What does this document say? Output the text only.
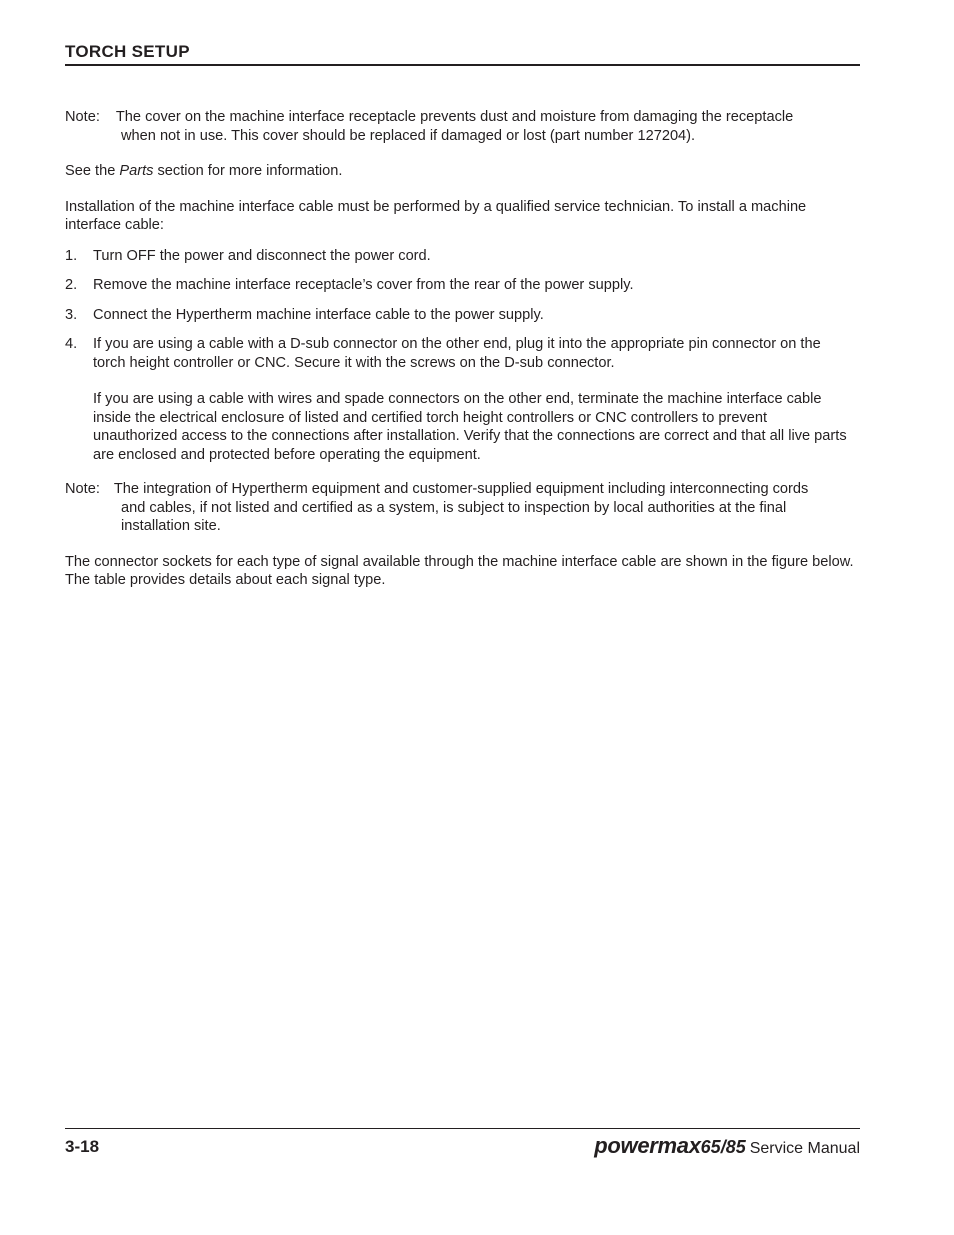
TORCH SETUP
Note:	The cover on the machine interface receptacle prevents dust and moisture from damaging the receptacle
when not in use. This cover should be replaced if damaged or lost (part number 127204).

See the Parts section for more information.

Installation of the machine interface cable must be performed by a qualified service technician. To install a machine interface cable:

1.	Turn OFF the power and disconnect the power cord.
2.	Remove the machine interface receptacle’s cover from the rear of the power supply.
3.	Connect the Hypertherm machine interface cable to the power supply.
4.	If you are using a cable with a D-sub connector on the other end, plug it into the appropriate pin connector on the torch height controller or CNC. Secure it with the screws on the D-sub connector.
If you are using a cable with wires and spade connectors on the other end, terminate the machine interface cable inside the electrical enclosure of listed and certified torch height controllers or CNC controllers to prevent unauthorized access to the connections after installation. Verify that the connections are correct and that all live parts are enclosed and protected before operating the equipment.
Note: The integration of Hypertherm equipment and customer-supplied equipment including interconnecting cords
and cables, if not listed and certified as a system, is subject to inspection by local authorities at the final installation site.

The connector sockets for each type of signal available through the machine interface cable are shown in the figure below. The table provides details about each signal type.

3-18	powermax65/85 Service Manual
